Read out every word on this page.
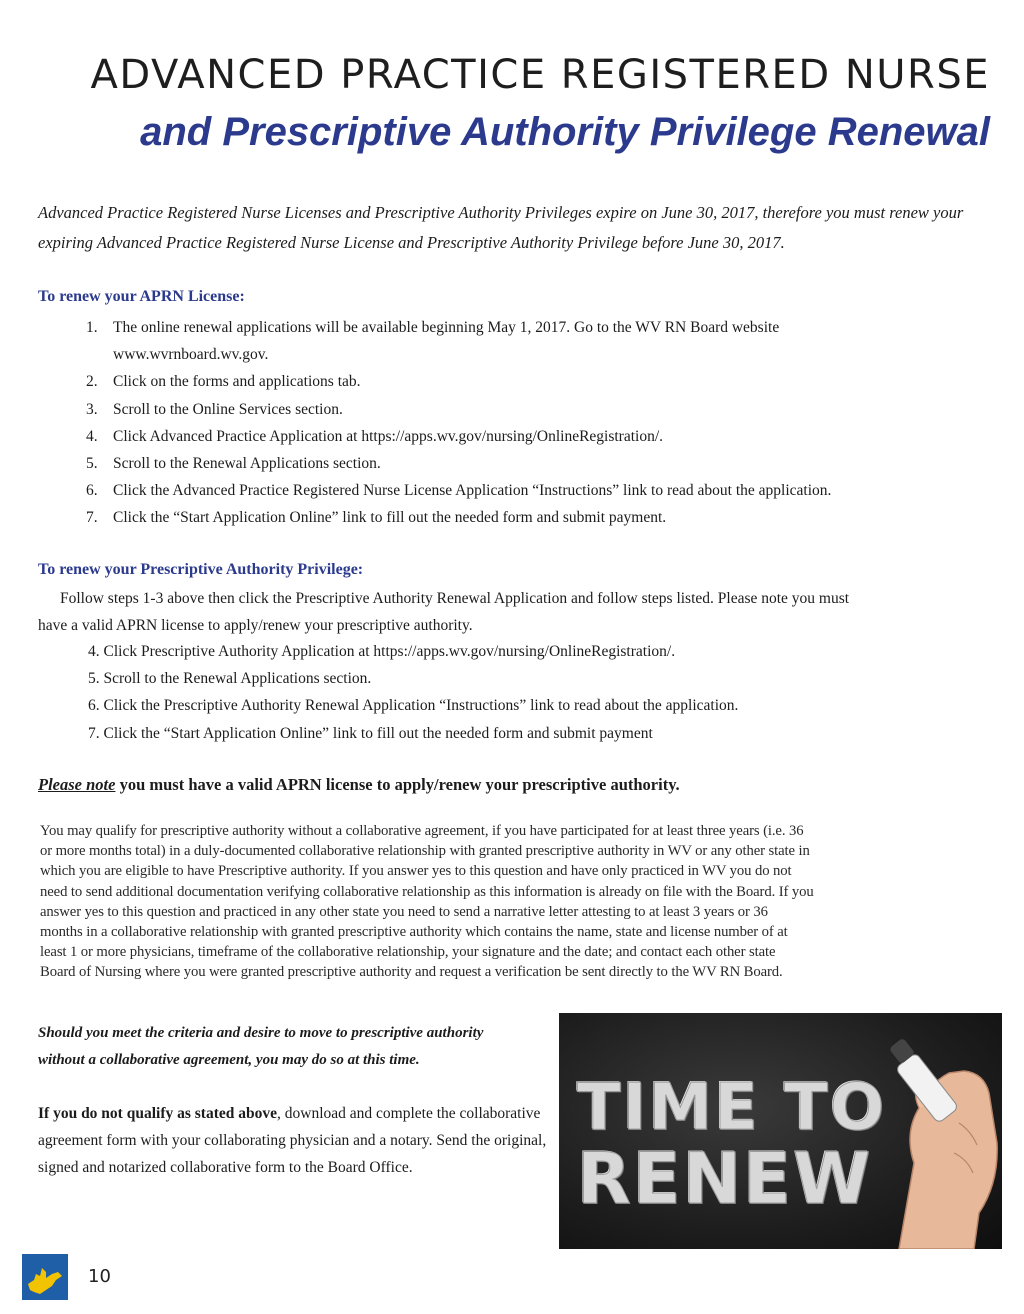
ADVANCED PRACTICE REGISTERED NURSE
and Prescriptive Authority Privilege Renewal
Advanced Practice Registered Nurse Licenses and Prescriptive Authority Privileges expire on June 30, 2017, therefore you must renew your expiring Advanced Practice Registered Nurse License and Prescriptive Authority Privilege before June 30, 2017.
To renew your APRN License:
1. The online renewal applications will be available beginning May 1, 2017. Go to the WV RN Board website
www.wvrnboard.wv.gov.
2. Click on the forms and applications tab.
3. Scroll to the Online Services section.
4. Click Advanced Practice Application at https://apps.wv.gov/nursing/OnlineRegistration/.
5. Scroll to the Renewal Applications section.
6. Click the Advanced Practice Registered Nurse License Application “Instructions” link to read about the application.
7. Click the “Start Application Online” link to fill out the needed form and submit payment.
To renew your Prescriptive Authority Privilege:
Follow steps 1-3 above then click the Prescriptive Authority Renewal Application and follow steps listed. Please note you must
have a valid APRN license to apply/renew your prescriptive authority.
4. Click Prescriptive Authority Application at https://apps.wv.gov/nursing/OnlineRegistration/.
5. Scroll to the Renewal Applications section.
6. Click the Prescriptive Authority Renewal Application “Instructions” link to read about the application.
7. Click the “Start Application Online” link to fill out the needed form and submit payment
Please note you must have a valid APRN license to apply/renew your prescriptive authority.
You may qualify for prescriptive authority without a collaborative agreement, if you have participated for at least three years (i.e. 36
or more months total) in a duly-documented collaborative relationship with granted prescriptive authority in WV or any other state in
which you are eligible to have Prescriptive authority. If you answer yes to this question and have only practiced in WV you do not
need to send additional documentation verifying collaborative relationship as this information is already on file with the Board. If you
answer yes to this question and practiced in any other state you need to send a narrative letter attesting to at least 3 years or 36
months in a collaborative relationship with granted prescriptive authority which contains the name, state and license number of at
least 1 or more physicians, timeframe of the collaborative relationship, your signature and the date; and contact each other state
Board of Nursing where you were granted prescriptive authority and request a verification be sent directly to the WV RN Board.
Should you meet the criteria and desire to move to prescriptive authority
without a collaborative agreement, you may do so at this time.
If you do not qualify as stated above, download and complete the collaborative agreement form with your collaborating physician and a notary. Send the original, signed and notarized collaborative form to the Board Office.
TIME TO
RENEW
10
